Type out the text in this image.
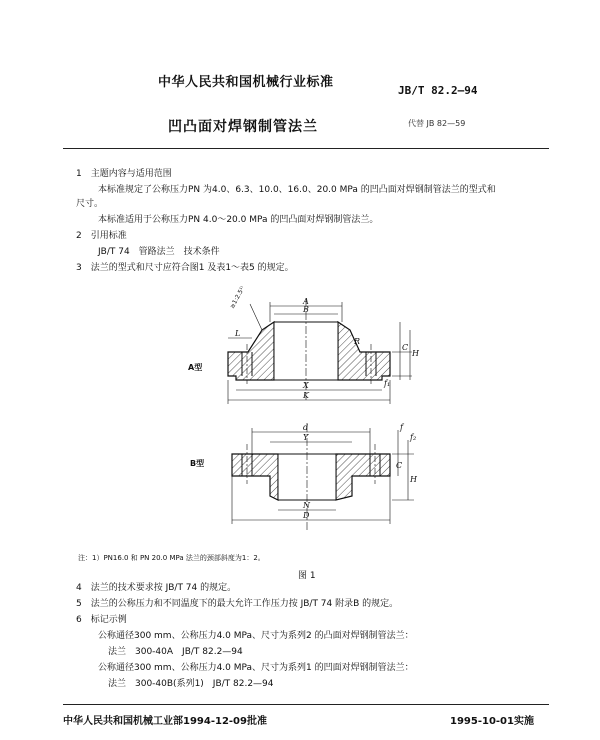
中华人民共和国机械行业标准
JB/T 82.2—94
凹凸面对焊钢制管法兰	代替 JB 82—59
1　主题内容与适用范围
本标准规定了公称压力PN 为4.0、6.3、10.0、16.0、20.0 MPa 的凹凸面对焊钢制管法兰的型式和
尺寸。
本标准适用于公称压力PN 4.0～20.0 MPa 的凹凸面对焊钢制管法兰。
2　引用标准
JB/T 74　管路法兰　技术条件
3　法兰的型式和尺寸应符合图1 及表1～表5 的规定。
A
B
L
R
C
H
X
K
f₁
d
Y
f
f₂
C
H
N
D
≥1:2.5¹⁾
A型
B型
注：1）PN16.0 和 PN 20.0 MPa 法兰的颈部斜度为1：2。
图 1
4　法兰的技术要求按 JB/T 74 的规定。
5　法兰的公称压力和不同温度下的最大允许工作压力按 JB/T 74 附录B 的规定。
6　标记示例
公称通径300 mm、公称压力4.0 MPa、尺寸为系列2 的凸面对焊钢制管法兰：
法兰　300-40A　JB/T 82.2—94
公称通径300 mm、公称压力4.0 MPa、尺寸为系列1 的凹面对焊钢制管法兰：
法兰　300-40B(系列1)　JB/T 82.2—94
中华人民共和国机械工业部1994-12-09批准	1995-10-01实施
